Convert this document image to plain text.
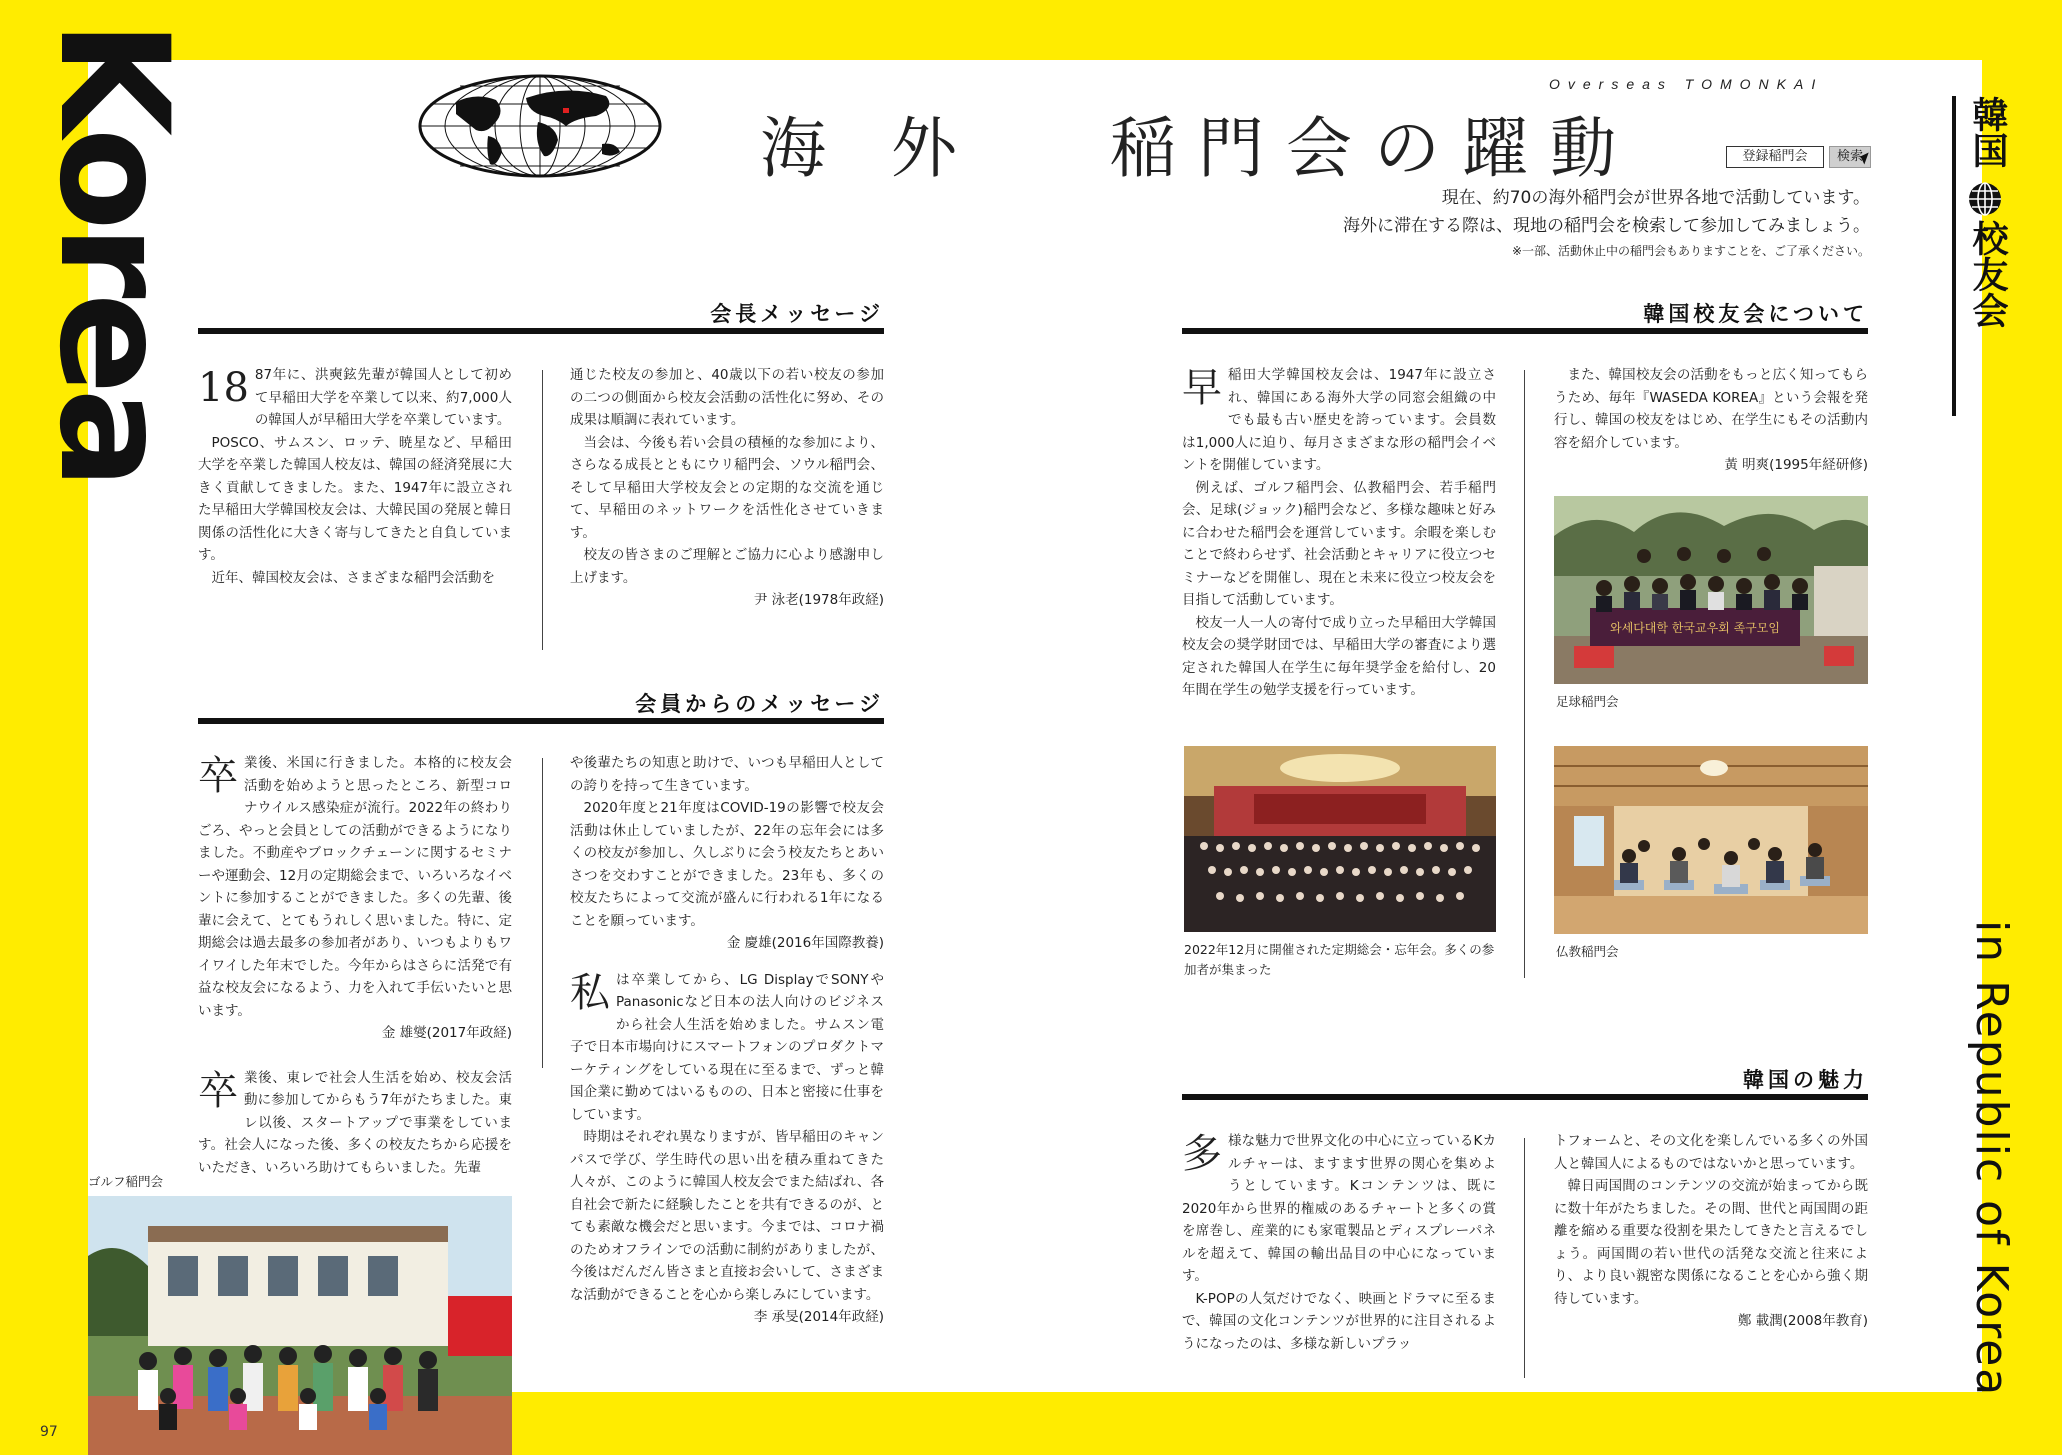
Korea	海 外　 稲門会の躍動
Overseas TOMONKAI
登録稲門会	検索
現在、約70の海外稲門会が世界各地で活動しています。
海外に滞在する際は、現地の稲門会を検索して参加してみましょう。
※一部、活動休止中の稲門会もありますことを、ご了承ください。
韓国
校友会
in Republic of Korea
会長メッセージ

18 87年に、洪奭鉉先輩が韓国人として初めて早稲田大学を卒業して以来、約7,000人の韓国人が早稲田大学を卒業しています。

POSCO、サムスン、ロッテ、暁星など、早稲田大学を卒業した韓国人校友は、韓国の経済発展に大きく貢献してきました。また、1947年に設立された早稲田大学韓国校友会は、大韓民国の発展と韓日関係の活性化に大きく寄与してきたと自負しています。

近年、韓国校友会は、さまざまな稲門会活動を

通じた校友の参加と、40歳以下の若い校友の参加の二つの側面から校友会活動の活性化に努め、その成果は順調に表れています。

当会は、今後も若い会員の積極的な参加により、さらなる成長とともにウリ稲門会、ソウル稲門会、そして早稲田大学校友会との定期的な交流を通じて、早稲田のネットワークを活性化させていきます。

校友の皆さまのご理解とご協力に心より感謝申し上げます。

尹 泳老(1978年政経)
会員からのメッセージ

卒業後、米国に行きました。本格的に校友会活動を始めようと思ったところ、新型コロナウイルス感染症が流行。2022年の終わりごろ、やっと会員としての活動ができるようになりました。不動産やブロックチェーンに関するセミナーや運動会、12月の定期総会まで、いろいろなイベントに参加することができました。多くの先輩、後輩に会えて、とてもうれしく思いました。特に、定期総会は過去最多の参加者があり、いつもよりもワイワイした年末でした。今年からはさらに活発で有益な校友会になるよう、力を入れて手伝いたいと思います。

金 雄燮(2017年政経)

卒業後、東レで社会人生活を始め、校友会活動に参加してからもう7年がたちました。東レ以後、スタートアップで事業をしています。社会人になった後、多くの校友たちから応援をいただき、いろいろ助けてもらいました。先輩

や後輩たちの知恵と助けで、いつも早稲田人としての誇りを持って生きています。

2020年度と21年度はCOVID-19の影響で校友会活動は休止していましたが、22年の忘年会には多くの校友が参加し、久しぶりに会う校友たちとあいさつを交わすことができました。23年も、多くの校友たちによって交流が盛んに行われる1年になることを願っています。

金 慶雄(2016年国際教養)

私は卒業してから、LG DisplayでSONYやPanasonicなど日本の法人向けのビジネスから社会人生活を始めました。サムスン電子で日本市場向けにスマートフォンのプロダクトマーケティングをしている現在に至るまで、ずっと韓国企業に勤めてはいるものの、日本と密接に仕事をしています。

時期はそれぞれ異なりますが、皆早稲田のキャンパスで学び、学生時代の思い出を積み重ねてきた人々が、このように韓国人校友会でまた結ばれ、各自社会で新たに経験したことを共有できるのが、とても素敵な機会だと思います。今までは、コロナ禍のためオフラインでの活動に制約がありましたが、今後はだんだん皆さまと直接お会いして、さまざまな活動ができることを心から楽しみにしています。

李 承旻(2014年政経)
ゴルフ稲門会
韓国校友会について

早稲田大学韓国校友会は、1947年に設立され、韓国にある海外大学の同窓会組織の中でも最も古い歴史を誇っています。会員数は1,000人に迫り、毎月さまざまな形の稲門会イベントを開催しています。

例えば、ゴルフ稲門会、仏教稲門会、若手稲門会、足球(ジョック)稲門会など、多様な趣味と好みに合わせた稲門会を運営しています。余暇を楽しむことで終わらせず、社会活動とキャリアに役立つセミナーなどを開催し、現在と未来に役立つ校友会を目指して活動しています。

校友一人一人の寄付で成り立った早稲田大学韓国校友会の奨学財団では、早稲田大学の審査により選定された韓国人在学生に毎年奨学金を給付し、20年間在学生の勉学支援を行っています。

また、韓国校友会の活動をもっと広く知ってもらうため、毎年『WASEDA KOREA』という会報を発行し、韓国の校友をはじめ、在学生にもその活動内容を紹介しています。

黃 明爽(1995年経研修)
와세다대학 한국교우회 족구모임
足球稲門会
2022年12月に開催された定期総会・忘年会。多くの参加者が集まった
仏教稲門会
韓国の魅力

多様な魅力で世界文化の中心に立っているKカルチャーは、ますます世界の関心を集めようとしています。Kコンテンツは、既に2020年から世界的権威のあるチャートと多くの賞を席巻し、産業的にも家電製品とディスプレーパネルを超えて、韓国の輸出品目の中心になっています。

K-POPの人気だけでなく、映画とドラマに至るまで、韓国の文化コンテンツが世界的に注目されるようになったのは、多様な新しいプラッ

トフォームと、その文化を楽しんでいる多くの外国人と韓国人によるものではないかと思っています。

韓日両国間のコンテンツの交流が始まってから既に数十年がたちました。その間、世代と両国間の距離を縮める重要な役割を果たしてきたと言えるでしょう。両国間の若い世代の活発な交流と往来により、より良い親密な関係になることを心から強く期待しています。

鄭 載潤(2008年教育)
97
